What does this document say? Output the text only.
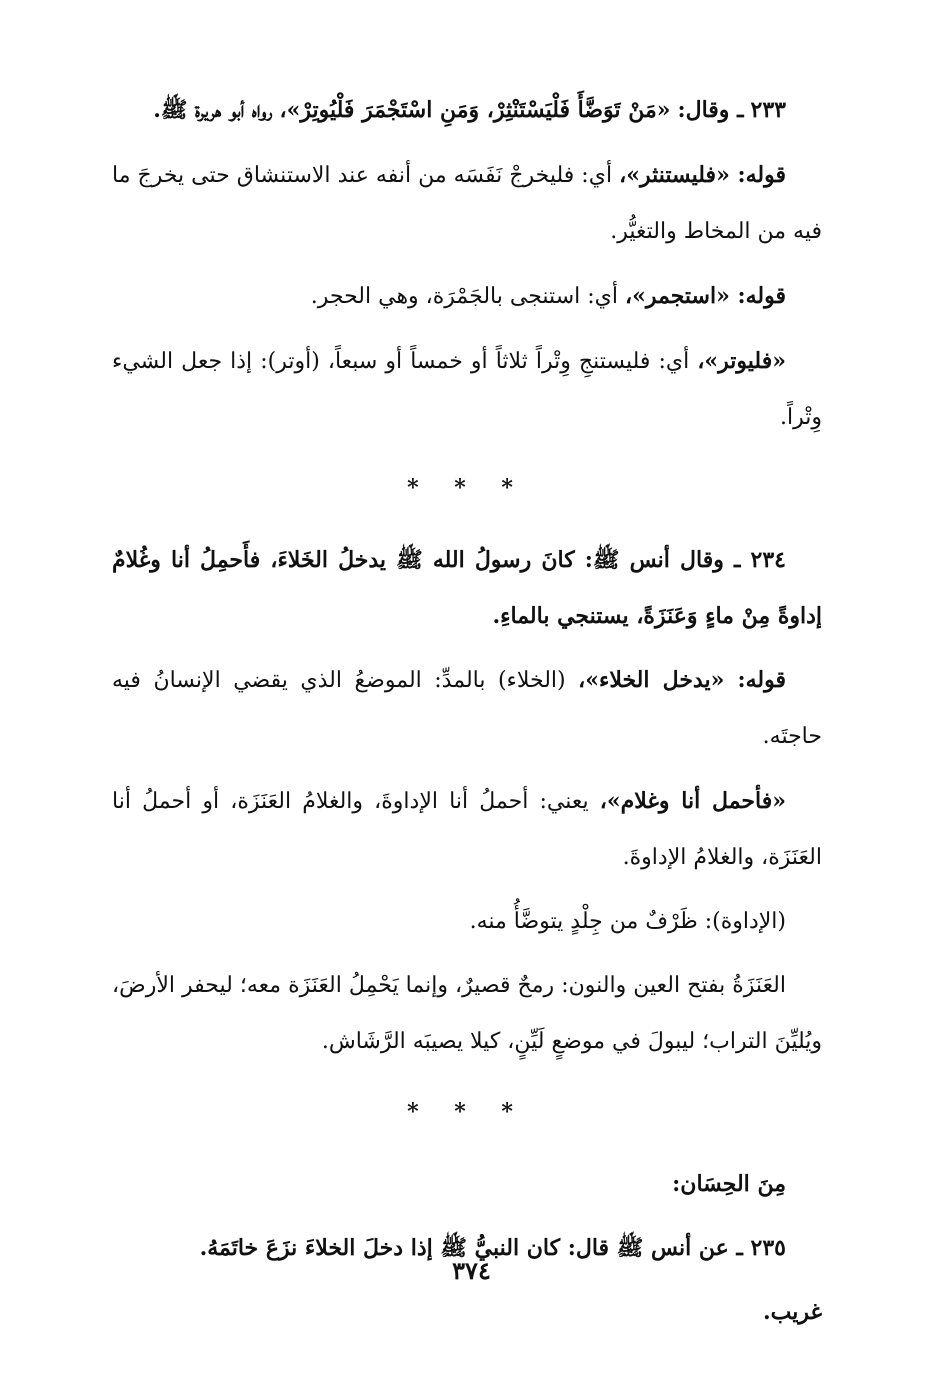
٢٣٣ ـ وقال: «مَنْ تَوَضَّأَ فَلْيَسْتَنْثِرْ، وَمَنِ اسْتَجْمَرَ فَلْيُوتِرْ»، رواه أبو هريرة ﷺ.

قوله: «فليستنثر»، أي: فليخرجْ نَفَسَه من أنفه عند الاستنشاق حتى يخرجَ ما فيه من المخاط والتغيُّر.

قوله: «استجمر»، أي: استنجى بالجَمْرَة، وهي الحجر.

«فليوتر»، أي: فليستنجِ وِتْراً ثلاثاً أو خمساً أو سبعاً، (أوتر): إذا جعل الشيء وِتْراً.

* * *

٢٣٤ ـ وقال أنس ﷺ: كانَ رسولُ الله ﷺ يدخلُ الخَلاءَ، فأَحمِلُ أنا وغُلامٌ إداوةً مِنْ ماءٍ وَعَنَزَةً، يستنجي بالماءِ.

قوله: «يدخل الخلاء»، (الخلاء) بالمدِّ: الموضعُ الذي يقضي الإنسانُ فيه حاجتَه.

«فأحمل أنا وغلام»، يعني: أحملُ أنا الإداوةَ، والغلامُ العَنَزَة، أو أحملُ أنا العَنَزَة، والغلامُ الإداوةَ.

(الإداوة): ظَرْفٌ من جِلْدٍ يتوضَّأُ منه.

العَنَزَةُ بفتح العين والنون: رمحٌ قصيرٌ، وإنما يَحْمِلُ العَنَزَة معه؛ ليحفر الأرضَ، ويُليِّنَ التراب؛ ليبولَ في موضعٍ لَيِّنٍ، كيلا يصيبَه الرَّشَاش.

* * *

مِنَ الحِسَان:

٢٣٥ ـ عن أنس ﷺ قال: كان النبيُّ ﷺ إذا دخلَ الخلاءَ نزَعَ خاتَمَهُ.

غريب.

٣٧٤
